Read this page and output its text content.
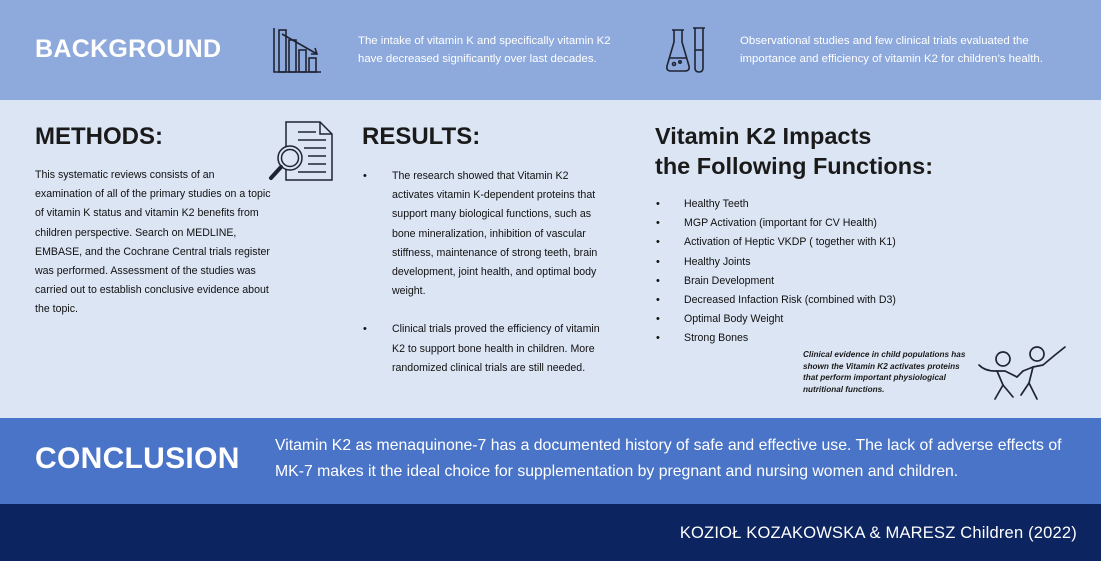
BACKGROUND	The intake of vitamin K and specifically vitamin K2 have decreased significantly over last decades.
Observational studies and few clinical trials evaluated the importance and efficiency of vitamin K2 for children’s health.
METHODS:
This systematic reviews consists of an examination of all of the primary studies on a topic of vitamin K status and vitamin K2 benefits from children perspective. Search on MEDLINE, EMBASE, and the Cochrane Central trials register was performed. Assessment of the studies was carried out to establish conclusive evidence about the topic.
RESULTS:
• The research showed that Vitamin K2 activates vitamin K-dependent proteins that support many biological functions, such as bone mineralization, inhibition of vascular stiffness, maintenance of strong teeth, brain development, joint health, and optimal body weight.
• Clinical trials proved the efficiency of vitamin K2 to support bone health in children. More randomized clinical trials are still needed.
Vitamin K2 Impacts
the Following Functions:
• Healthy Teeth
• MGP Activation (important for CV Health)
• Activation of Heptic VKDP ( together with K1)
• Healthy Joints
• Brain Development
• Decreased Infaction Risk (combined with D3)
• Optimal Body Weight
• Strong Bones
Clinical evidence in child populations has shown the Vitamin K2 activates proteins that perform important physiological nutritional functions.
CONCLUSION Vitamin K2 as menaquinone-7 has a documented history of safe and effective use. The lack of adverse effects of MK-7 makes it the ideal choice for supplementation by pregnant and nursing women and children.
KOZIOŁ KOZAKOWSKA & MARESZ Children (2022)
